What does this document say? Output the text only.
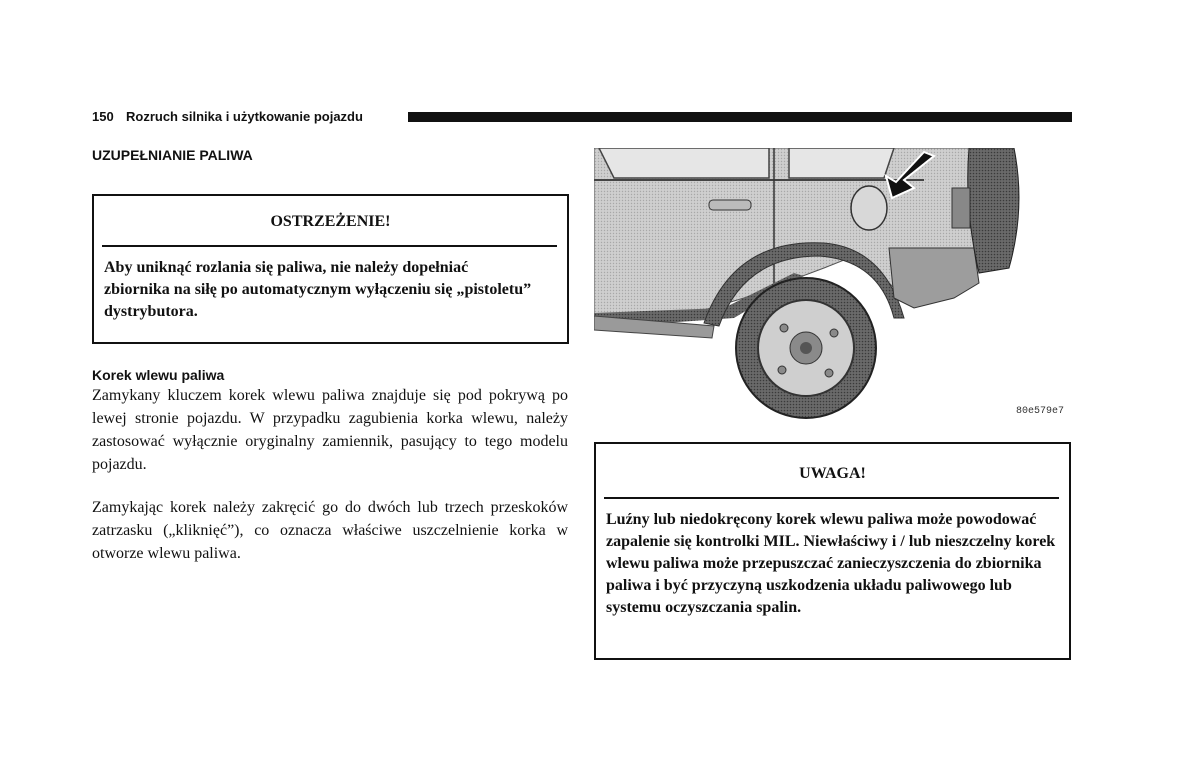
150 Rozruch silnika i użytkowanie pojazdu
UZUPEŁNIANIE PALIWA
OSTRZEŻENIE!
Aby uniknąć rozlania się paliwa, nie należy dopełniać zbiornika na siłę po automatycznym wyłączeniu się „pistoletu” dystrybutora.
Korek wlewu paliwa
Zamykany kluczem korek wlewu paliwa znajduje się pod pokrywą po lewej stronie pojazdu. W przypadku zagubienia korka wlewu, należy zastosować wyłącznie oryginalny zamiennik, pasujący to tego modelu pojazdu.
Zamykając korek należy zakręcić go do dwóch lub trzech przeskoków zatrzasku („kliknięć”), co oznacza właściwe uszczelnienie korka w otworze wlewu paliwa.
80e579e7
UWAGA!
Luźny lub niedokręcony korek wlewu paliwa może powodować zapalenie się kontrolki MIL. Niewłaściwy i / lub nieszczelny korek wlewu paliwa może przepuszczać zanieczyszczenia do zbiornika paliwa i być przyczyną uszkodzenia układu paliwowego lub systemu oczyszczania spalin.
